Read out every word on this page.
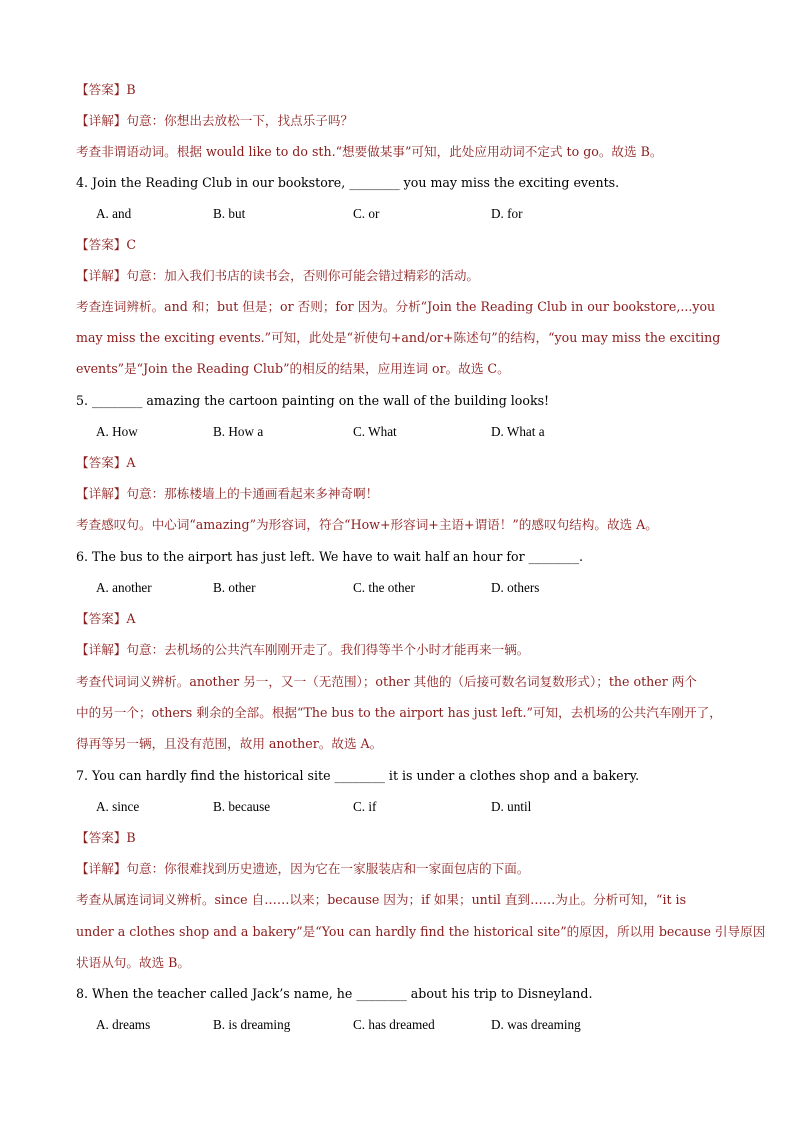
【答案】B
【详解】句意：你想出去放松一下，找点乐子吗？
考查非谓语动词。根据 would like to do sth.“想要做某事”可知，此处应用动词不定式 to go。故选 B。
4. Join the Reading Club in our bookstore, ________ you may miss the exciting events.
A. and	B. but	C. or	D. for
【答案】C
【详解】句意：加入我们书店的读书会，否则你可能会错过精彩的活动。
考查连词辨析。and 和；but 但是；or 否则；for 因为。分析“Join the Reading Club in our bookstore,...you
may miss the exciting events.”可知，此处是“祈使句+and/or+陈述句”的结构，“you may miss the exciting
events”是“Join the Reading Club”的相反的结果，应用连词 or。故选 C。
5. ________ amazing the cartoon painting on the wall of the building looks!
A. How	B. How a	C. What	D. What a
【答案】A
【详解】句意：那栋楼墙上的卡通画看起来多神奇啊！
考查感叹句。中心词“amazing”为形容词，符合“How+形容词+主语+谓语！”的感叹句结构。故选 A。
6. The bus to the airport has just left. We have to wait half an hour for ________.
A. another	B. other	C. the other	D. others
【答案】A
【详解】句意：去机场的公共汽车刚刚开走了。我们得等半个小时才能再来一辆。
考查代词词义辨析。another 另一，又一（无范围）；other 其他的（后接可数名词复数形式）；the other 两个
中的另一个；others 剩余的全部。根据“The bus to the airport has just left.”可知，去机场的公共汽车刚开了，
得再等另一辆，且没有范围，故用 another。故选 A。
7. You can hardly find the historical site ________ it is under a clothes shop and a bakery.
A. since	B. because	C. if	D. until
【答案】B
【详解】句意：你很难找到历史遗迹，因为它在一家服装店和一家面包店的下面。
考查从属连词词义辨析。since 自……以来；because 因为；if 如果；until 直到……为止。分析可知，“it is
under a clothes shop and a bakery”是“You can hardly find the historical site”的原因，所以用 because 引导原因
状语从句。故选 B。
8. When the teacher called Jack’s name, he ________ about his trip to Disneyland.
A. dreams	B. is dreaming	C. has dreamed	D. was dreaming
